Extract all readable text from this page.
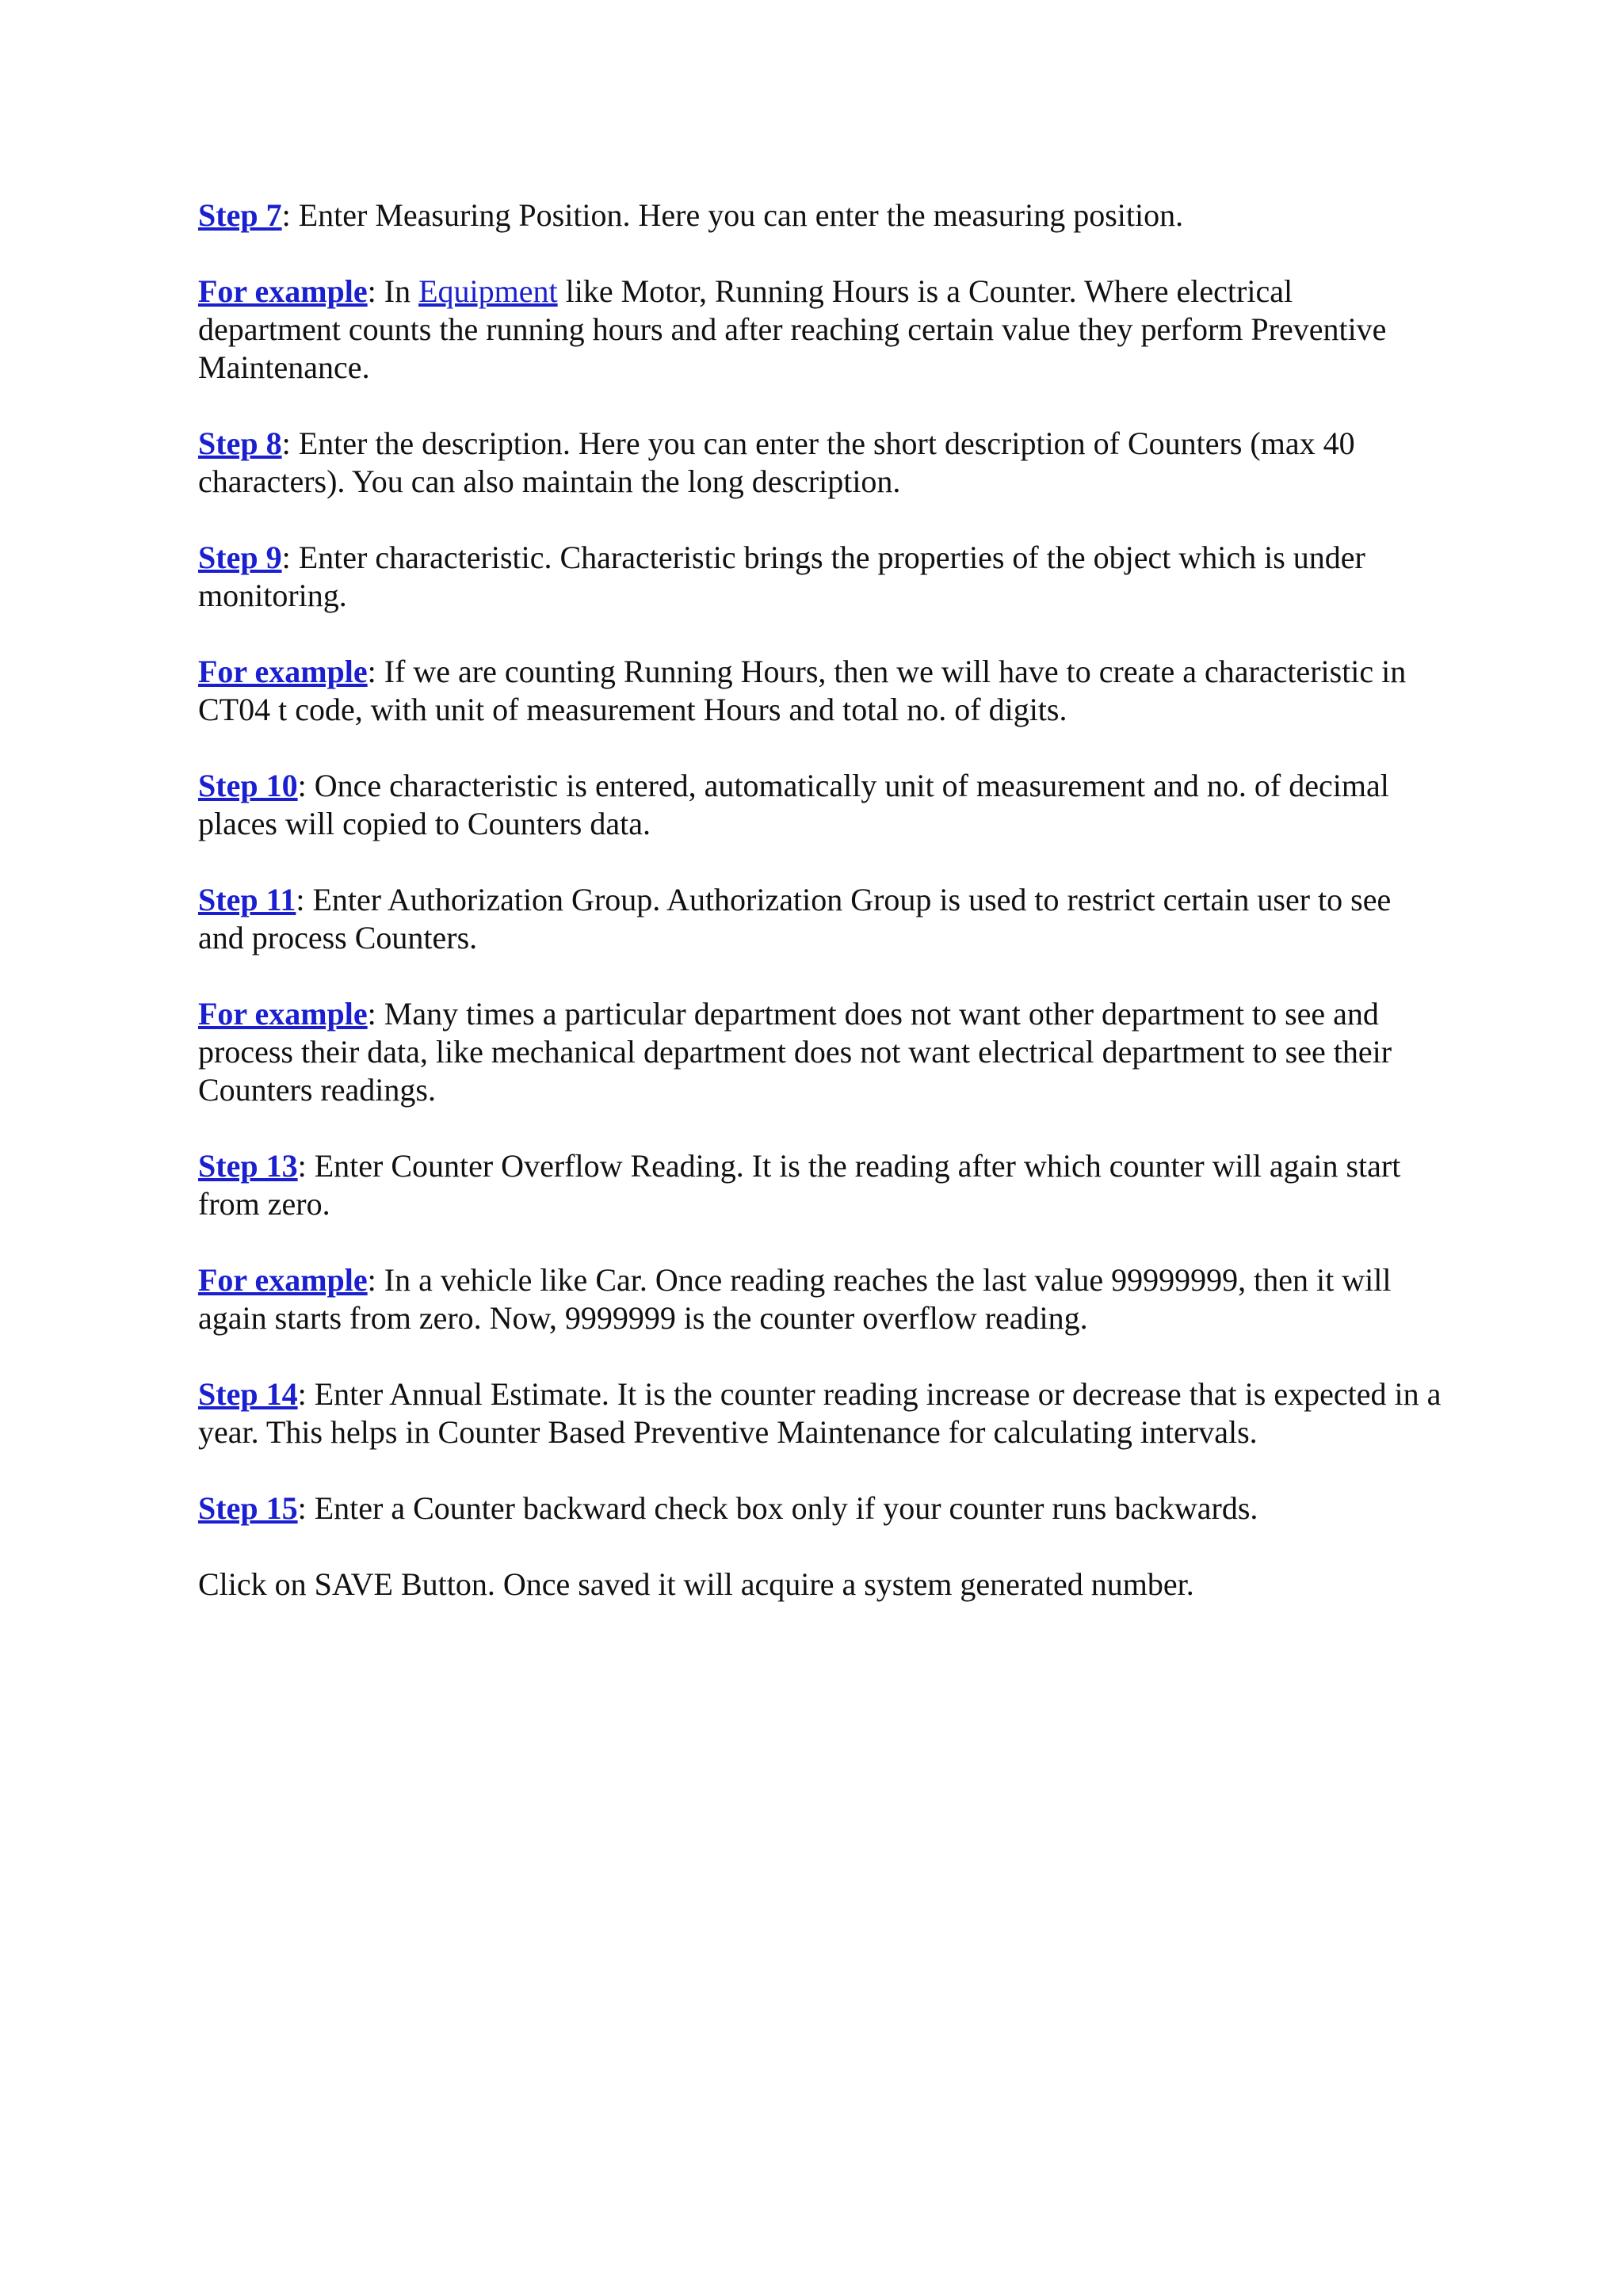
Step 7: Enter Measuring Position. Here you can enter the measuring position.

For example: In Equipment like Motor, Running Hours is a Counter. Where electrical department counts the running hours and after reaching certain value they perform Preventive Maintenance.

Step 8: Enter the description. Here you can enter the short description of Counters (max 40 characters). You can also maintain the long description.

Step 9: Enter characteristic. Characteristic brings the properties of the object which is under monitoring.

For example: If we are counting Running Hours, then we will have to create a characteristic in CT04 t code, with unit of measurement Hours and total no. of digits.

Step 10: Once characteristic is entered, automatically unit of measurement and no. of decimal places will copied to Counters data.

Step 11: Enter Authorization Group. Authorization Group is used to restrict certain user to see and process Counters.

For example: Many times a particular department does not want other department to see and process their data, like mechanical department does not want electrical department to see their Counters readings.

Step 13: Enter Counter Overflow Reading. It is the reading after which counter will again start from zero.

For example: In a vehicle like Car. Once reading reaches the last value 99999999, then it will again starts from zero. Now, 9999999 is the counter overflow reading.

Step 14: Enter Annual Estimate. It is the counter reading increase or decrease that is expected in a year. This helps in Counter Based Preventive Maintenance for calculating intervals.

Step 15: Enter a Counter backward check box only if your counter runs backwards.

Click on SAVE Button. Once saved it will acquire a system generated number.
